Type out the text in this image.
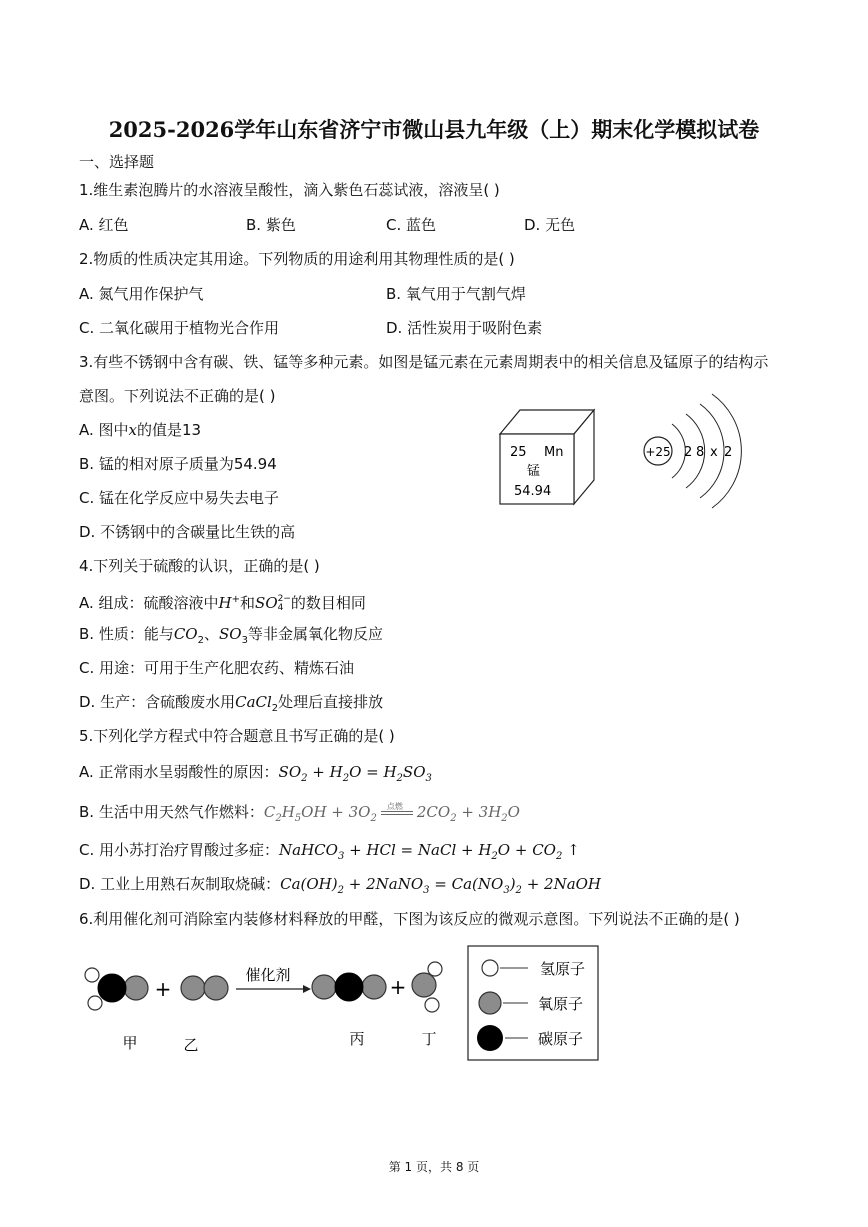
2025-2026学年山东省济宁市微山县九年级（上）期末化学模拟试卷
一、选择题
1.维生素泡腾片的水溶液呈酸性，滴入紫色石蕊试液，溶液呈( )
A. 红色	B. 紫色	C. 蓝色	D. 无色
2.物质的性质决定其用途。下列物质的用途利用其物理性质的是( )
A. 氮气用作保护气	B. 氧气用于气割气焊
C. 二氧化碳用于植物光合作用	D. 活性炭用于吸附色素
3.有些不锈钢中含有碳、铁、锰等多种元素。如图是锰元素在元素周期表中的相关信息及锰原子的结构示
意图。下列说法不正确的是( )
A. 图中x的值是13
B. 锰的相对原子质量为54.94
C. 锰在化学反应中易失去电子
D. 不锈钢中的含碳量比生铁的高
25 Mn
锰
54.94
+25 2 8 x 2
4.下列关于硫酸的认识，正确的是( )
A. 组成：硫酸溶液中H+和SO 2−
4 的数目相同
B. 性质：能与$CO_2$、$SO_3$等非金属氧化物反应
C. 用途：可用于生产化肥农药、精炼石油
D. 生产：含硫酸废水用CaCl$_2$处理后直接排放
5.下列化学方程式中符合题意且书写正确的是( )
A. 正常雨水呈弱酸性的原因：$SO_2 + H_2O = H_2SO_3$
B. 生活中用天然气作燃料：$C_2H_5OH + 3O_2$
点燃 $2CO_2 + 3H_2O$
C. 用小苏打治疗胃酸过多症：NaHCO$_3$ + HCl = NaCl + $H_2O + CO_2$ ↑
D. 工业上用熟石灰制取烧碱：$Ca(OH)_2$ + 2NaNO$_3$ = $Ca(NO_3)_2$ + 2NaOH
6.利用催化剂可消除室内装修材料释放的甲醛，下图为该反应的微观示意图。下列说法不正确的是( )
+
催化剂	+
甲	乙	丙	丁
氢原子
氧原子
碳原子
第 1 页，共 8 页
